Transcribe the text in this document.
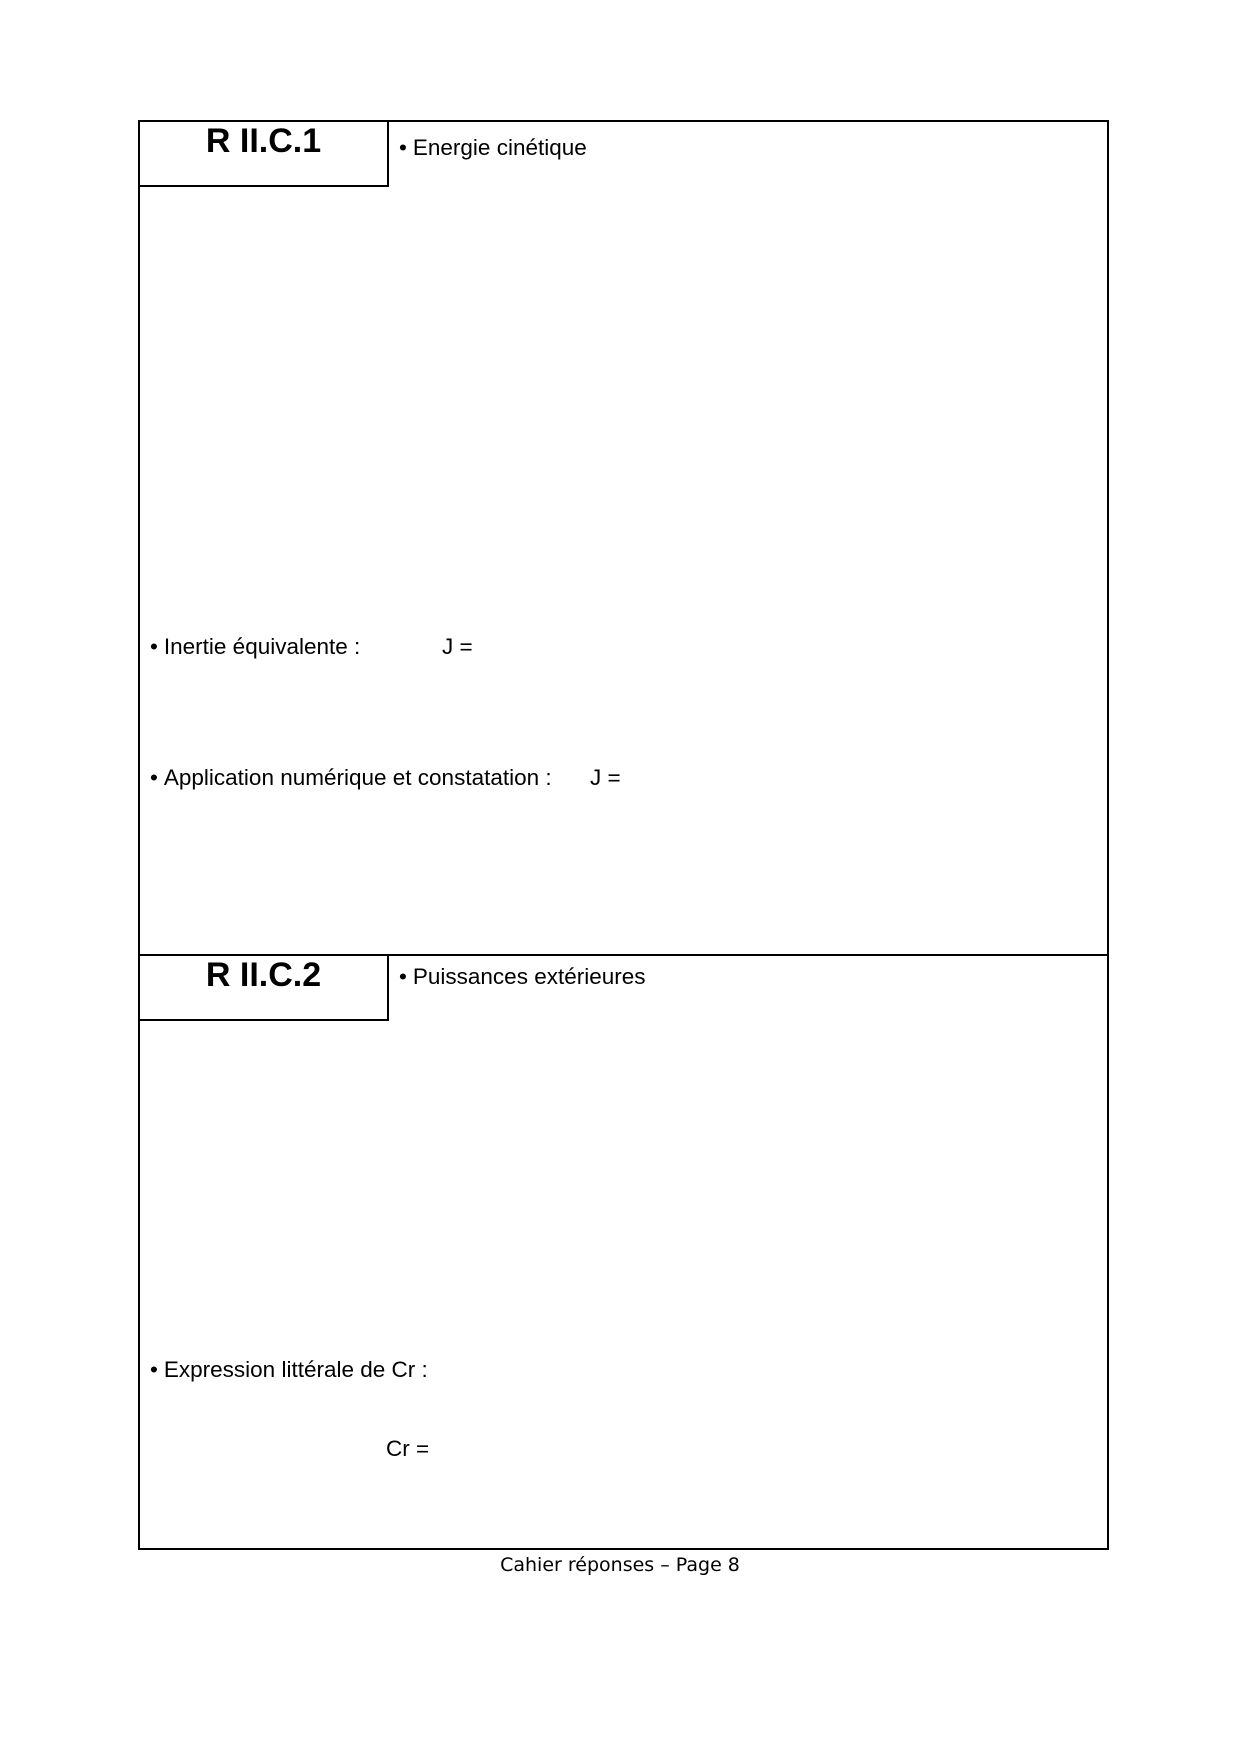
R II.C.1	• Energie cinétique
• Inertie équivalente :	J =
• Application numérique et constatation : J =
R II.C.2	• Puissances extérieures
• Expression littérale de Cr :
Cr =
Cahier réponses – Page 8
